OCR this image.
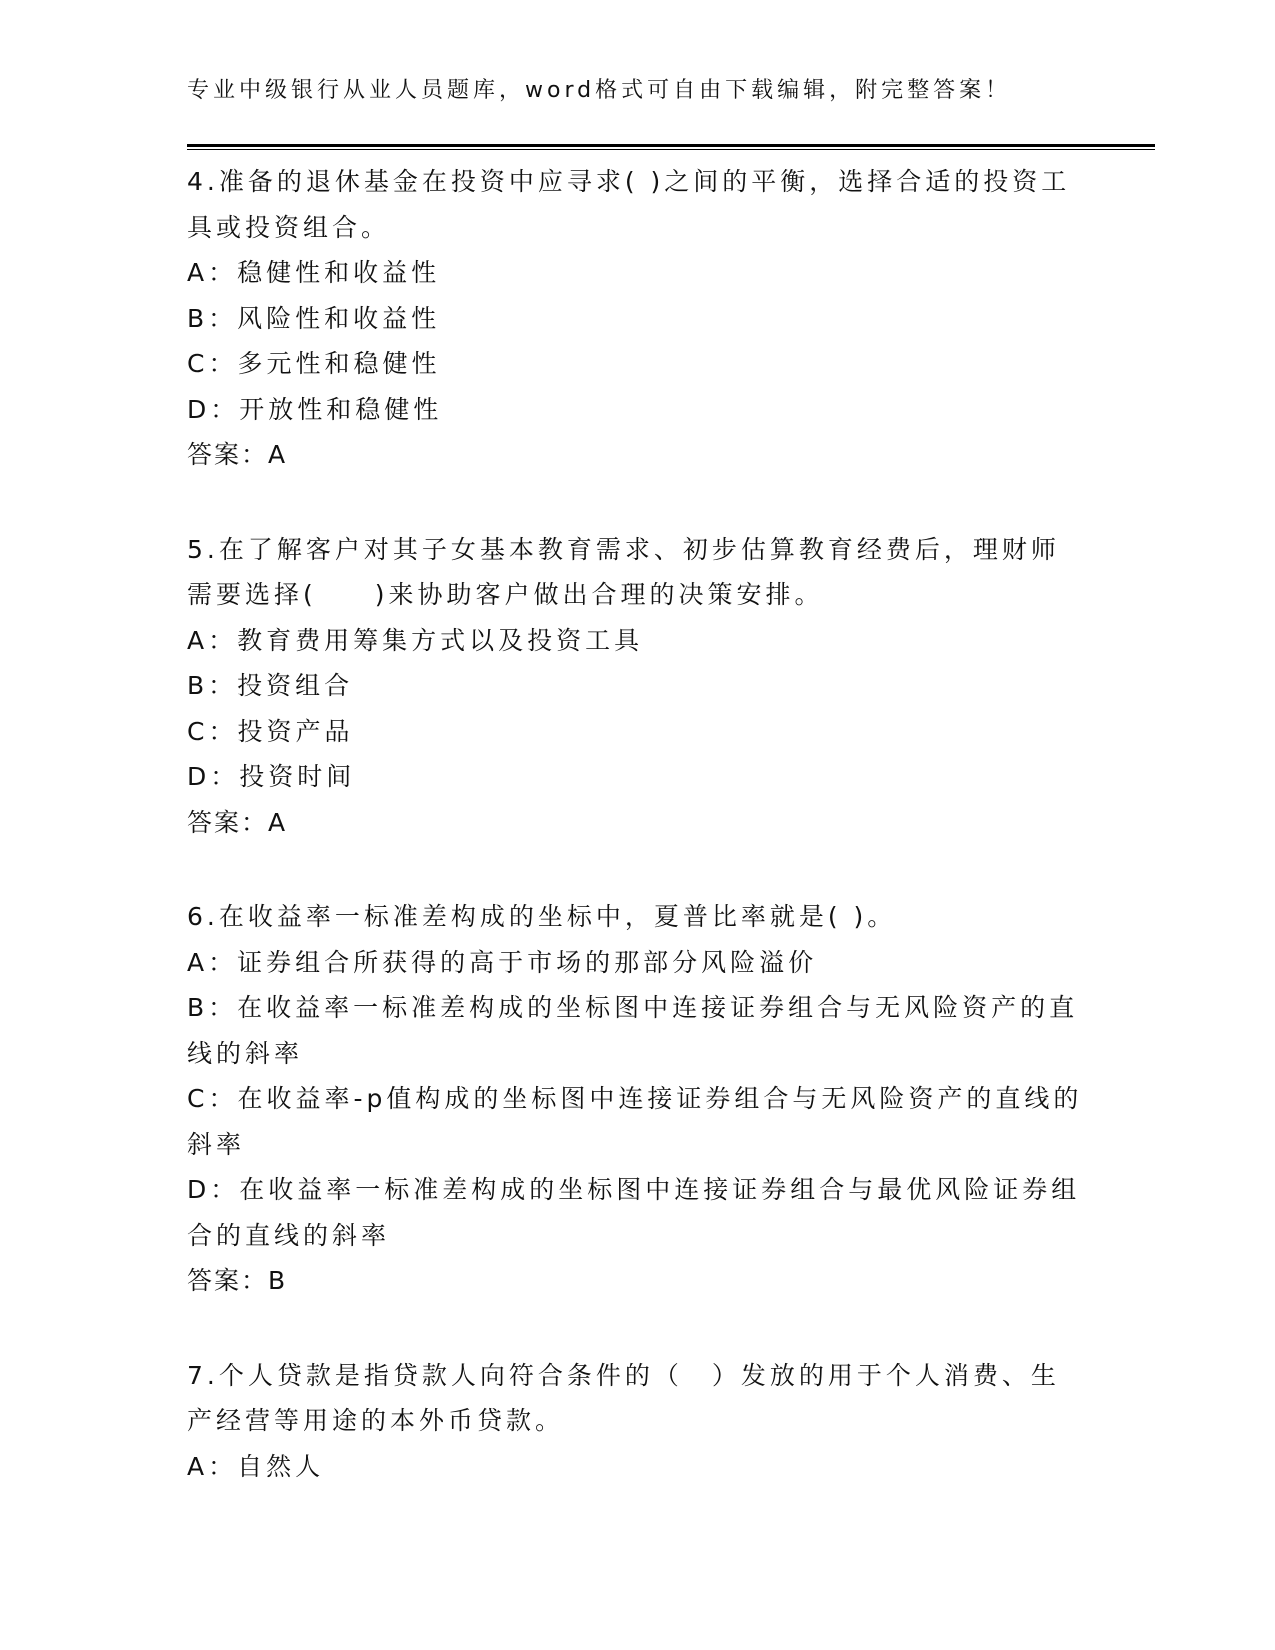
专业中级银行从业人员题库，word格式可自由下载编辑，附完整答案！
4.准备的退休基金在投资中应寻求( )之间的平衡，选择合适的投资工
具或投资组合。
A：稳健性和收益性
B：风险性和收益性
C：多元性和稳健性
D：开放性和稳健性
答案：A
5.在了解客户对其子女基本教育需求、初步估算教育经费后，理财师
需要选择(　　)来协助客户做出合理的决策安排。
A：教育费用筹集方式以及投资工具
B：投资组合
C：投资产品
D：投资时间
答案：A
6.在收益率一标准差构成的坐标中，夏普比率就是( )。
A：证券组合所获得的高于市场的那部分风险溢价
B：在收益率一标准差构成的坐标图中连接证券组合与无风险资产的直
线的斜率
C：在收益率-p值构成的坐标图中连接证券组合与无风险资产的直线的
斜率
D：在收益率一标准差构成的坐标图中连接证券组合与最优风险证券组
合的直线的斜率
答案：B
7.个人贷款是指贷款人向符合条件的（　）发放的用于个人消费、生
产经营等用途的本外币贷款。
A：自然人
